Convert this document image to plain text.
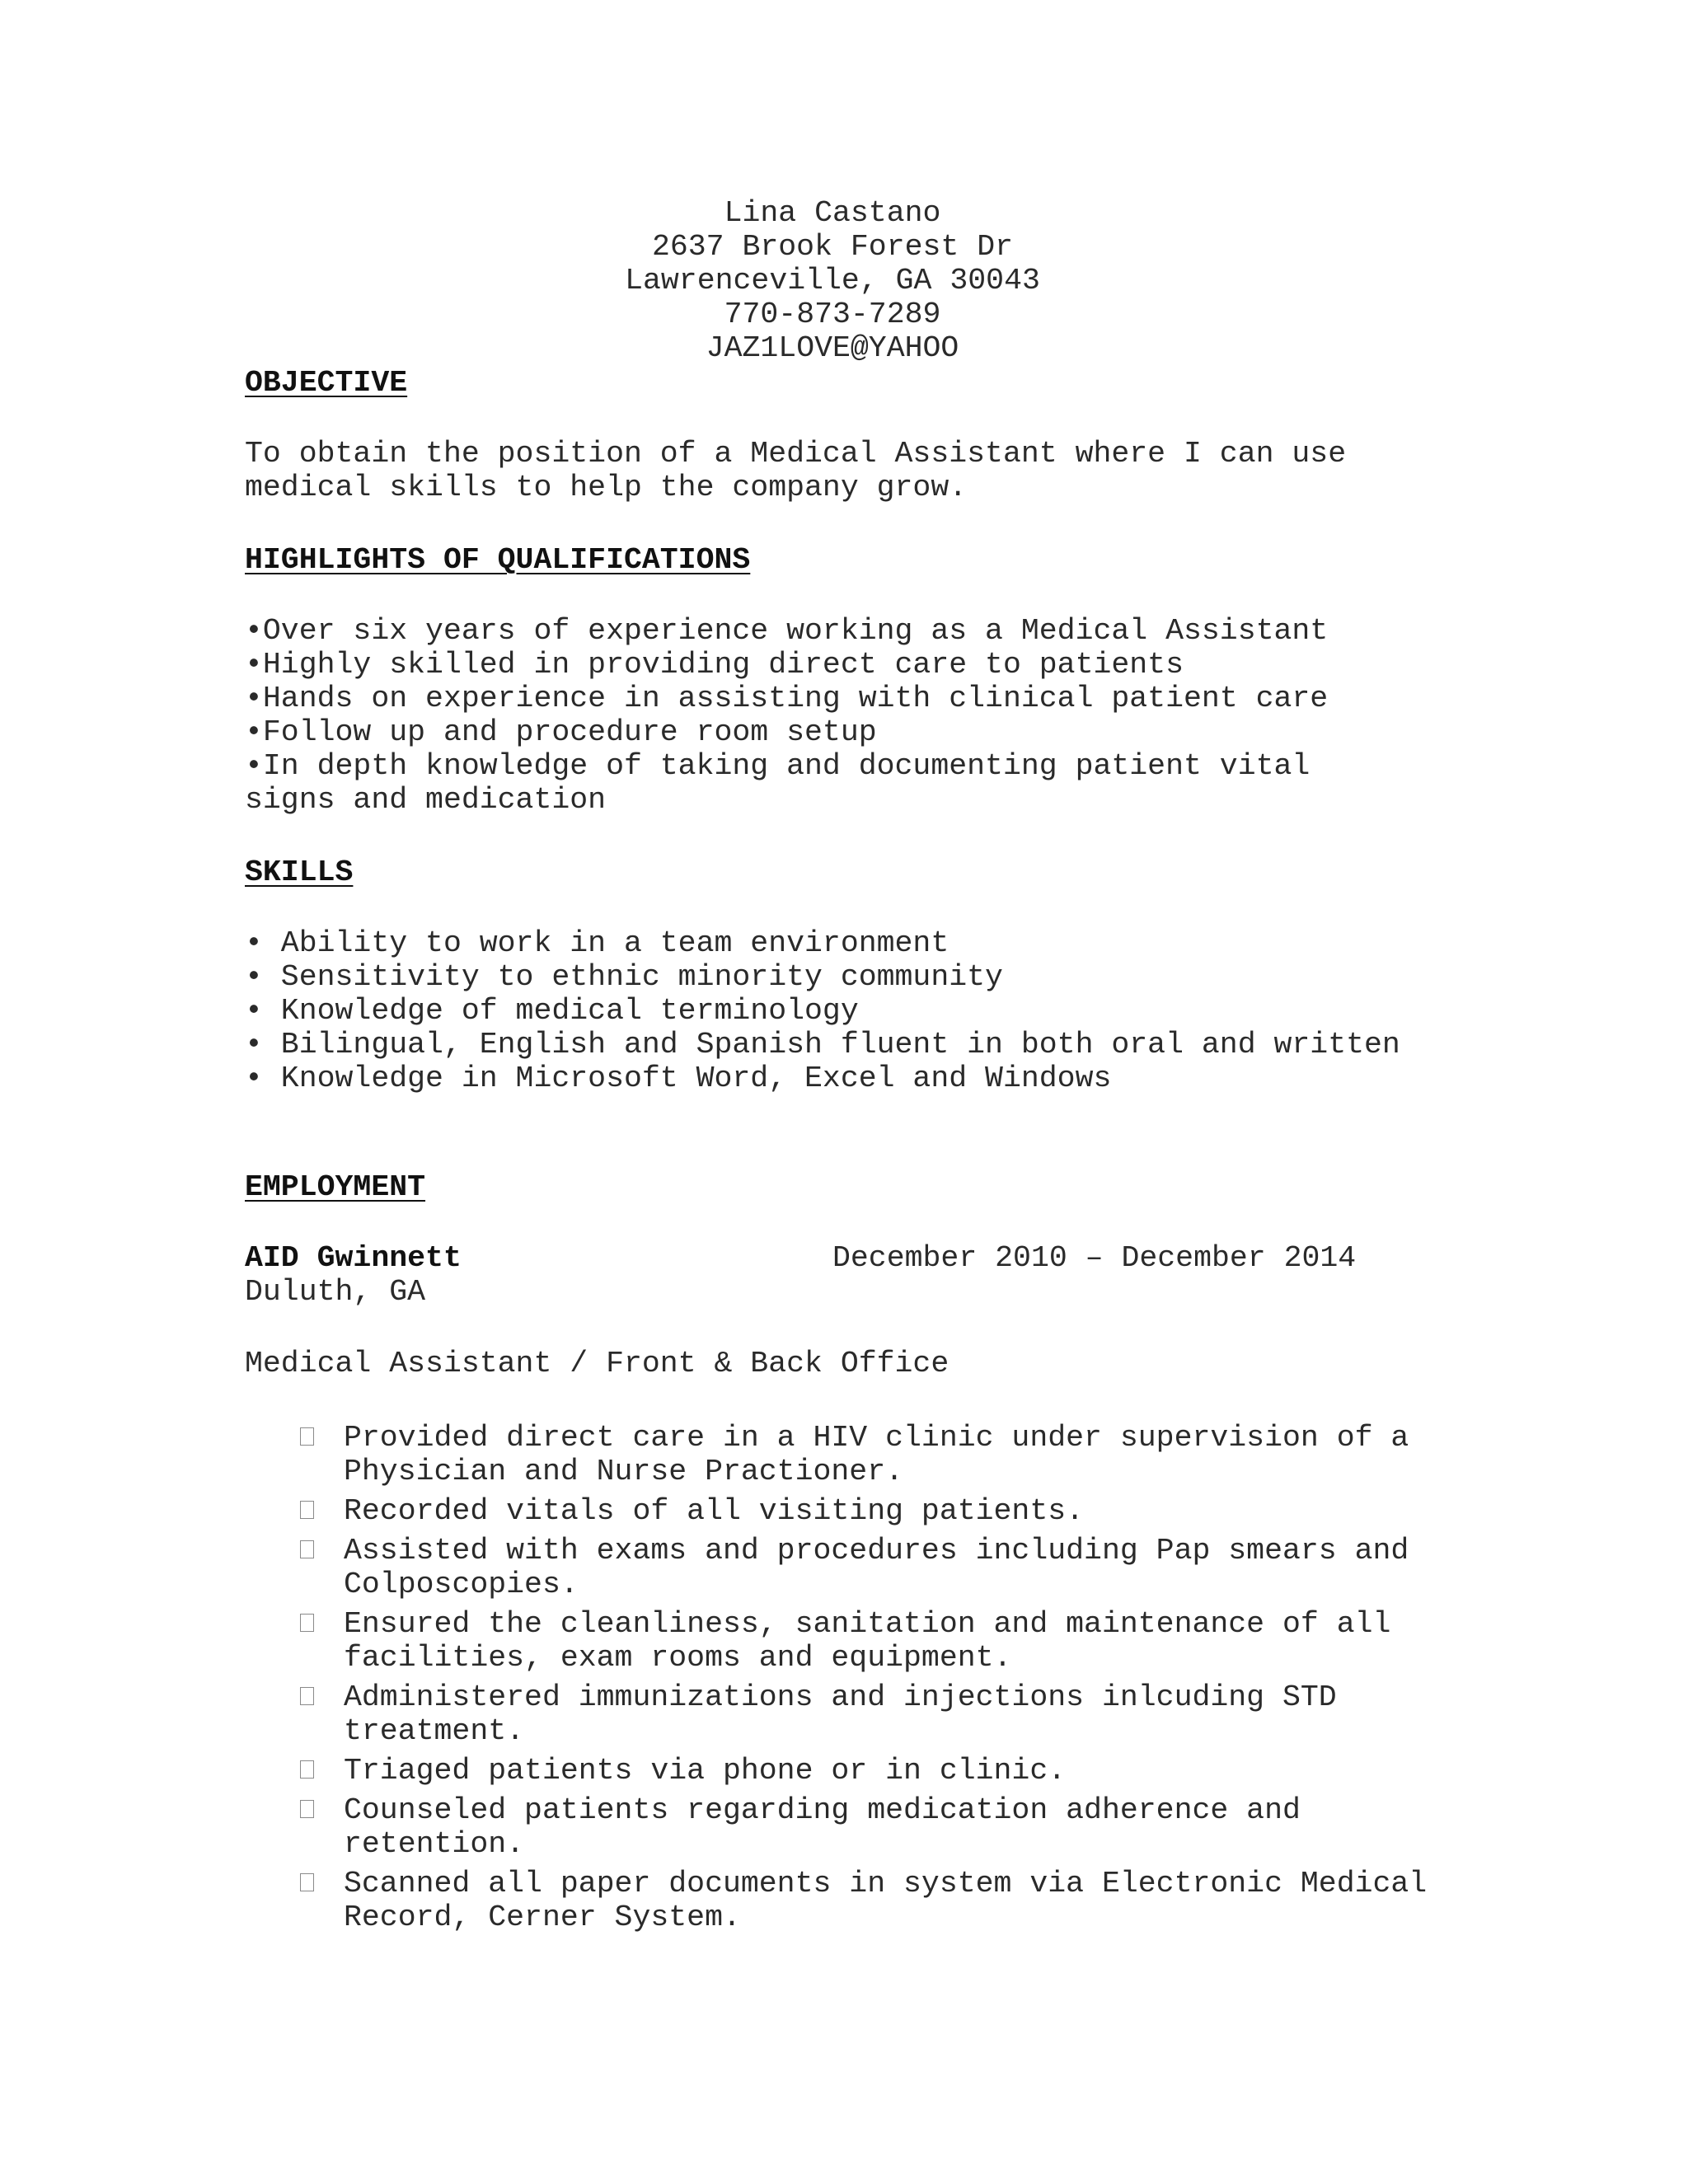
Lina Castano
2637 Brook Forest Dr
Lawrenceville, GA 30043
770-873-7289
JAZ1LOVE@YAHOO
OBJECTIVE
To obtain the position of a Medical Assistant where I can use medical skills to help the company grow.
HIGHLIGHTS OF QUALIFICATIONS
•Over six years of experience working as a Medical Assistant
•Highly skilled in providing direct care to patients
•Hands on experience in assisting with clinical patient care
•Follow up and procedure room setup
•In depth knowledge of taking and documenting patient vital
signs and medication
SKILLS
• Ability to work in a team environment
• Sensitivity to ethnic minority community
• Knowledge of medical terminology
• Bilingual, English and Spanish fluent in both oral and written
• Knowledge in Microsoft Word, Excel and Windows
EMPLOYMENT
AID Gwinnett	December 2010 – December 2014
Duluth, GA
Medical Assistant / Front & Back Office
Provided direct care in a HIV clinic under supervision of a Physician and Nurse Practioner.
Recorded vitals of all visiting patients.
Assisted with exams and procedures including Pap smears and Colposcopies.
Ensured the cleanliness, sanitation and maintenance of all facilities, exam rooms and equipment.
Administered immunizations and injections inlcuding STD treatment.
Triaged patients via phone or in clinic.
Counseled patients regarding medication adherence and retention.
Scanned all paper documents in system via Electronic Medical Record, Cerner System.
